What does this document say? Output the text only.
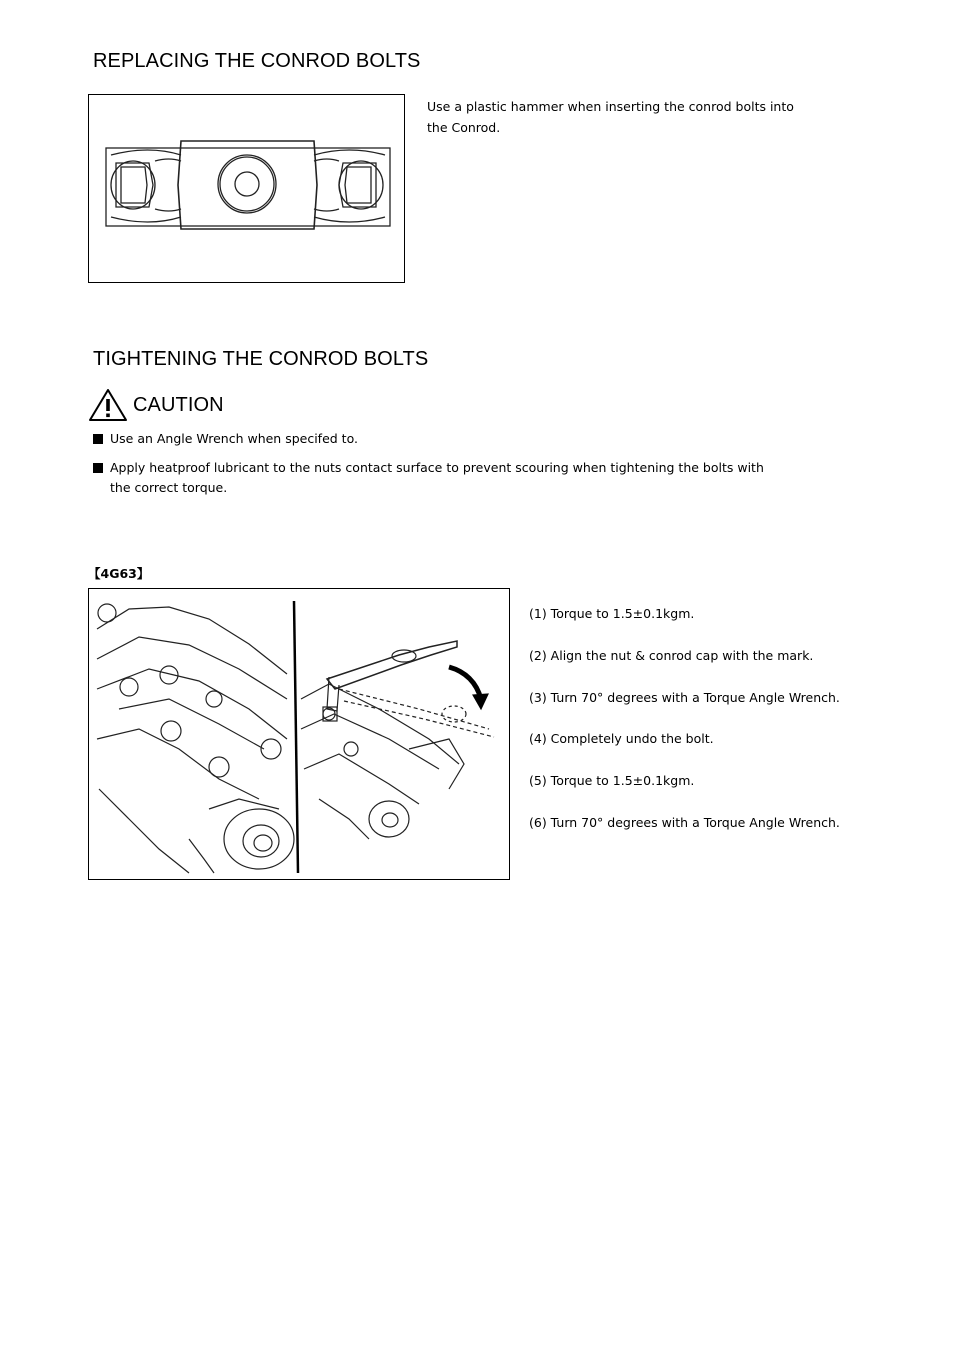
REPLACING THE CONROD BOLTS
Use a plastic hammer when inserting the conrod bolts into
the Conrod.
TIGHTENING THE CONROD BOLTS
CAUTION
Use an Angle Wrench when specifed to.
Apply heatproof lubricant to the nuts contact surface to prevent scouring when tightening the bolts with
the correct torque.
【4G63】
(1) Torque to 1.5±0.1kgm.
(2) Align the nut & conrod cap with the mark.
(3) Turn 70° degrees with a Torque Angle Wrench.
(4) Completely undo the bolt.
(5) Torque to 1.5±0.1kgm.
(6) Turn 70° degrees with a Torque Angle Wrench.
